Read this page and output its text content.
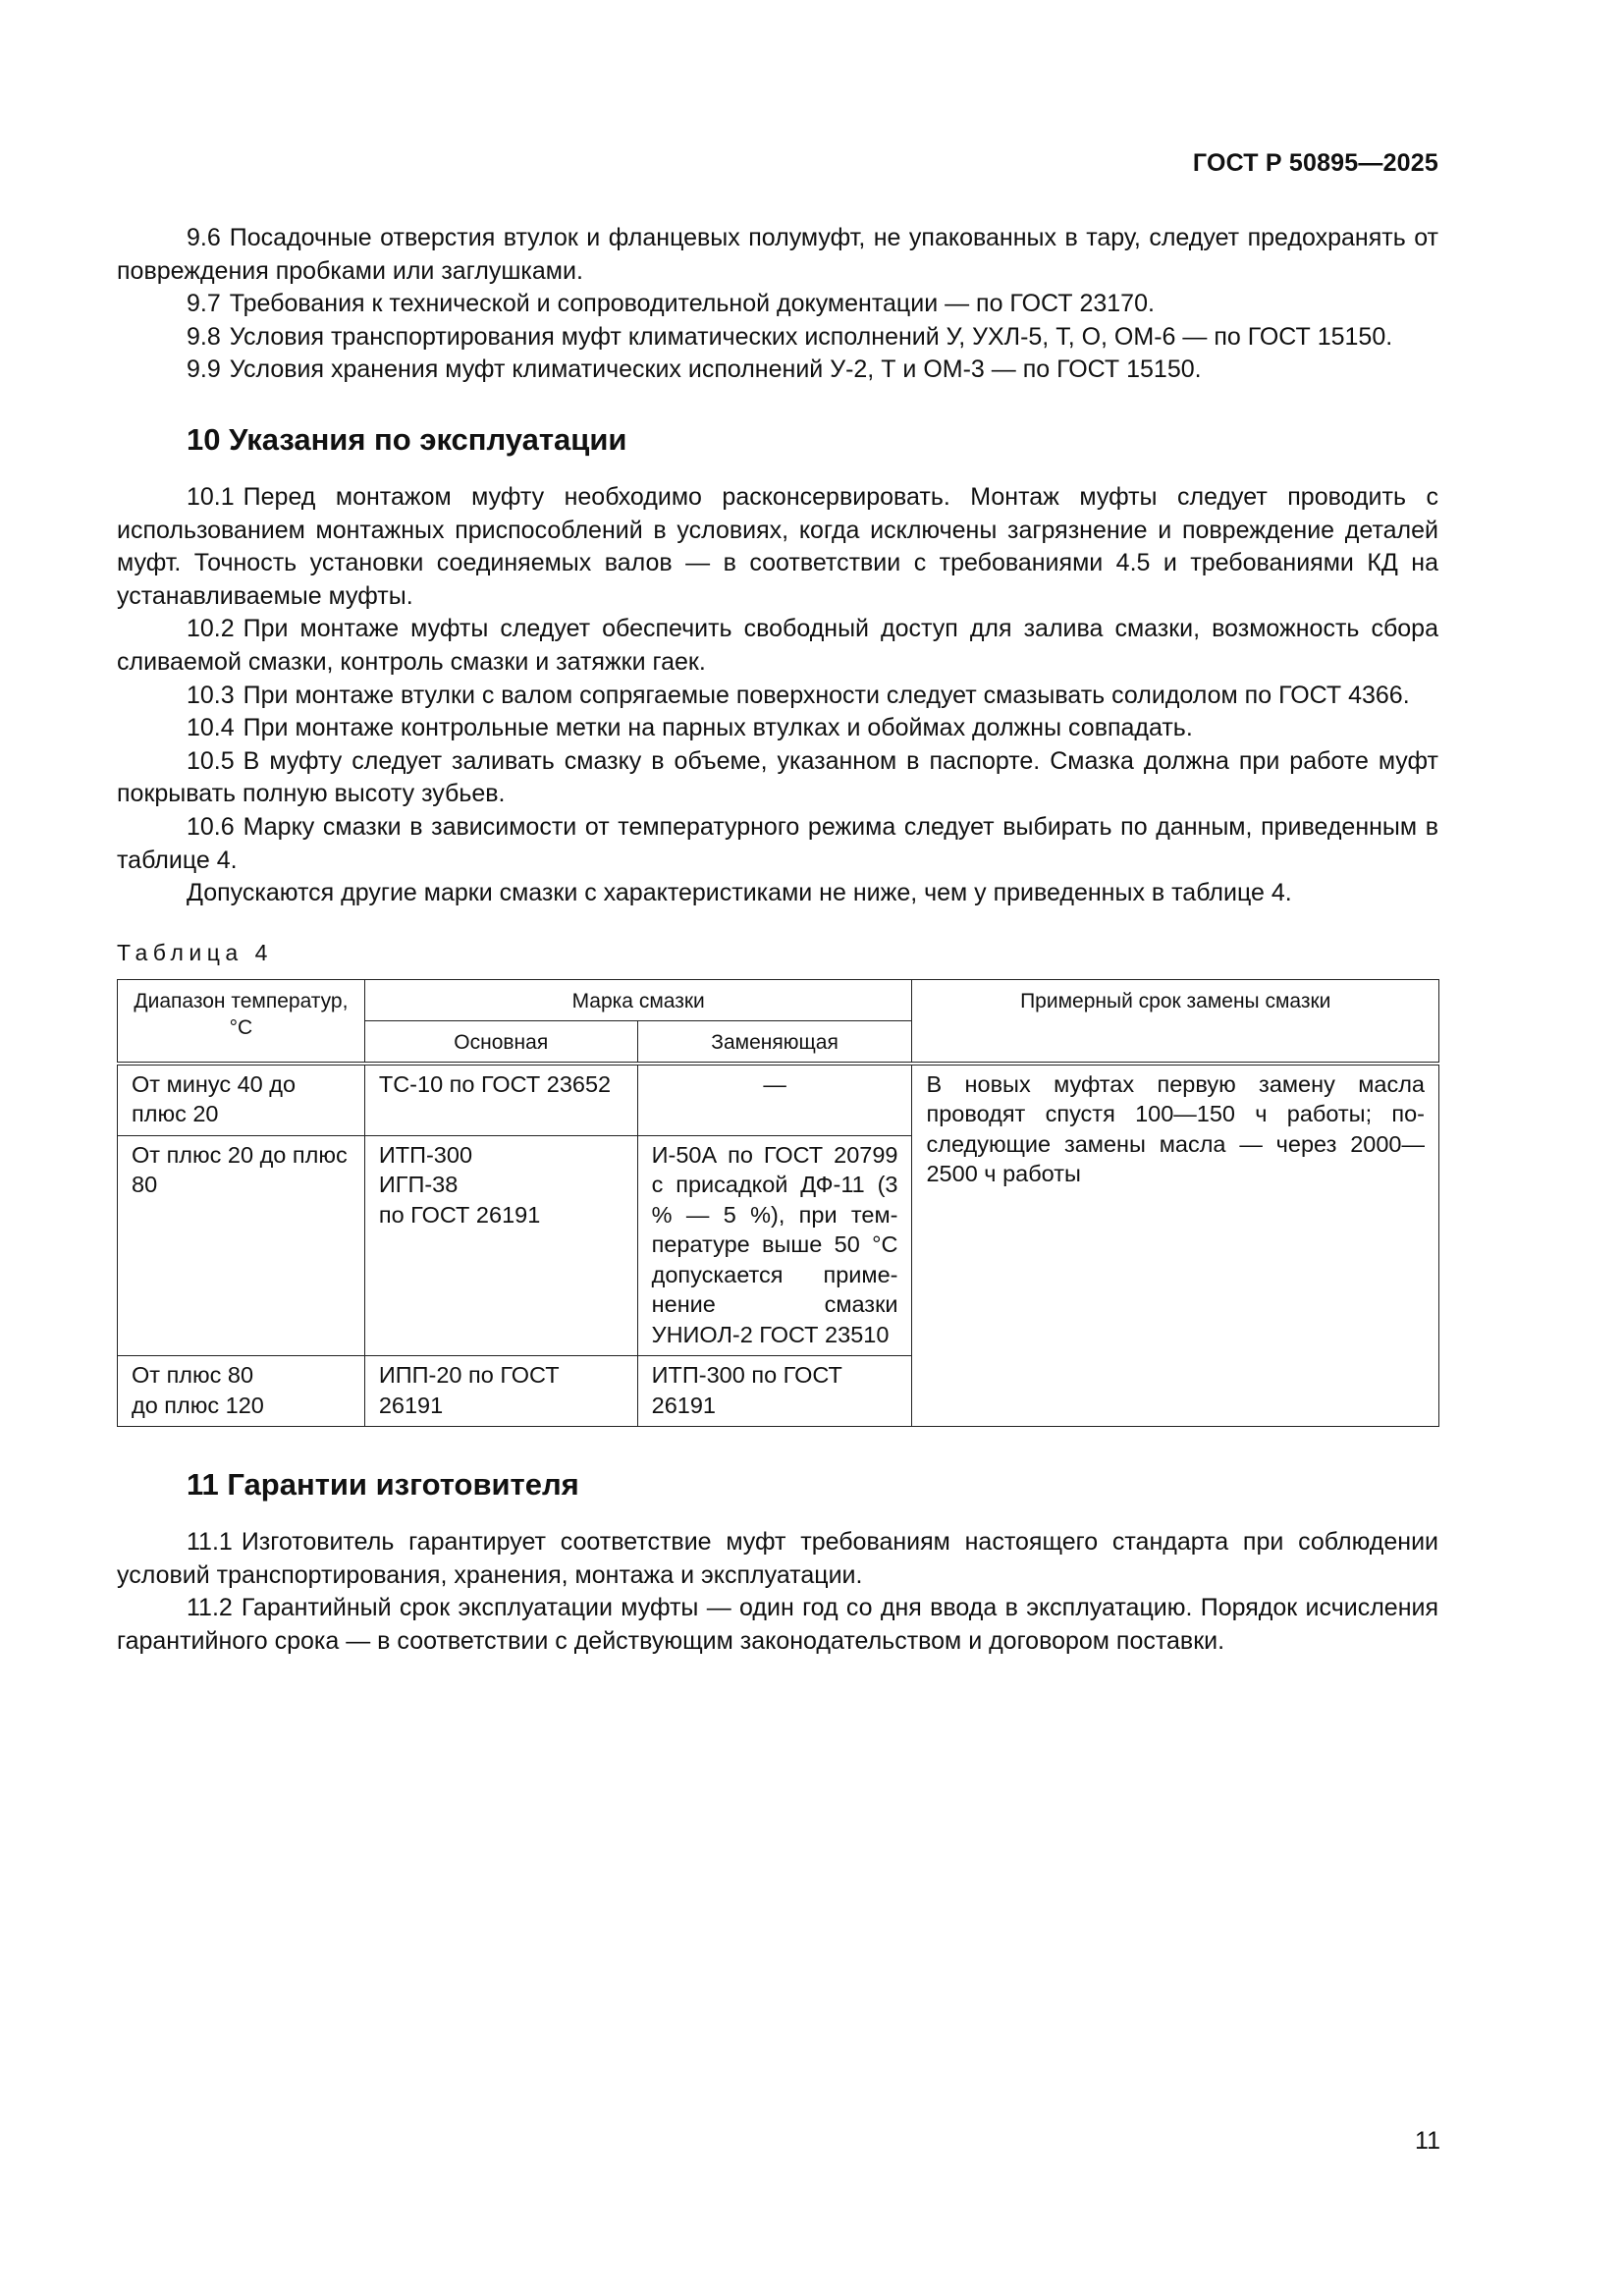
ГОСТ Р 50895—2025

9.6 Посадочные отверстия втулок и фланцевых полумуфт, не упакованных в тару, следует предохранять от повреждения пробками или заглушками.

9.7 Требования к технической и сопроводительной документации — по ГОСТ 23170.

9.8 Условия транспортирования муфт климатических исполнений У, УХЛ-5, Т, О, ОМ-6 — по ГОСТ 15150.

9.9 Условия хранения муфт климатических исполнений У-2, Т и ОМ-3 — по ГОСТ 15150.

10 Указания по эксплуатации

10.1 Перед монтажом муфту необходимо расконсервировать. Монтаж муфты следует проводить с использованием монтажных приспособлений в условиях, когда исключены загрязнение и повреждение деталей муфт. Точность установки соединяемых валов — в соответствии с требованиями 4.5 и требованиями КД на устанавливаемые муфты.

10.2 При монтаже муфты следует обеспечить свободный доступ для залива смазки, возможность сбора сливаемой смазки, контроль смазки и затяжки гаек.

10.3 При монтаже втулки с валом сопрягаемые поверхности следует смазывать солидолом по ГОСТ 4366.

10.4 При монтаже контрольные метки на парных втулках и обоймах должны совпадать.

10.5 В муфту следует заливать смазку в объеме, указанном в паспорте. Смазка должна при работе муфт покрывать полную высоту зубьев.

10.6 Марку смазки в зависимости от температурного режима следует выбирать по данным, приведенным в таблице 4.

Допускаются другие марки смазки с характеристиками не ниже, чем у приведенных в таблице 4.

Таблица 4
Диапазон температур, °С	Марка смазки		Примерный срок замены смазки
	Основная	Заменяющая	
От минус 40 до плюс 20	ТС-10 по ГОСТ 23652	—	В новых муфтах первую замену масла проводят спустя 100—150 ч работы; последующие замены масла — через 2000—2500 ч работы
От плюс 20 до плюс 80	ИТП-300
ИГП-38
по ГОСТ 26191	И-50А по ГОСТ 20799 с присадкой ДФ-11 (3 % — 5 %), при температуре выше 50 °С допускается применение смазки УНИОЛ-2 ГОСТ 23510	
От плюс 80
до плюс 120	ИПП-20 по ГОСТ 26191	ИТП-300 по ГОСТ 26191	
11 Гарантии изготовителя

11.1 Изготовитель гарантирует соответствие муфт требованиям настоящего стандарта при соблюдении условий транспортирования, хранения, монтажа и эксплуатации.

11.2 Гарантийный срок эксплуатации муфты — один год со дня ввода в эксплуатацию. Порядок исчисления гарантийного срока — в соответствии с действующим законодательством и договором поставки.

11
